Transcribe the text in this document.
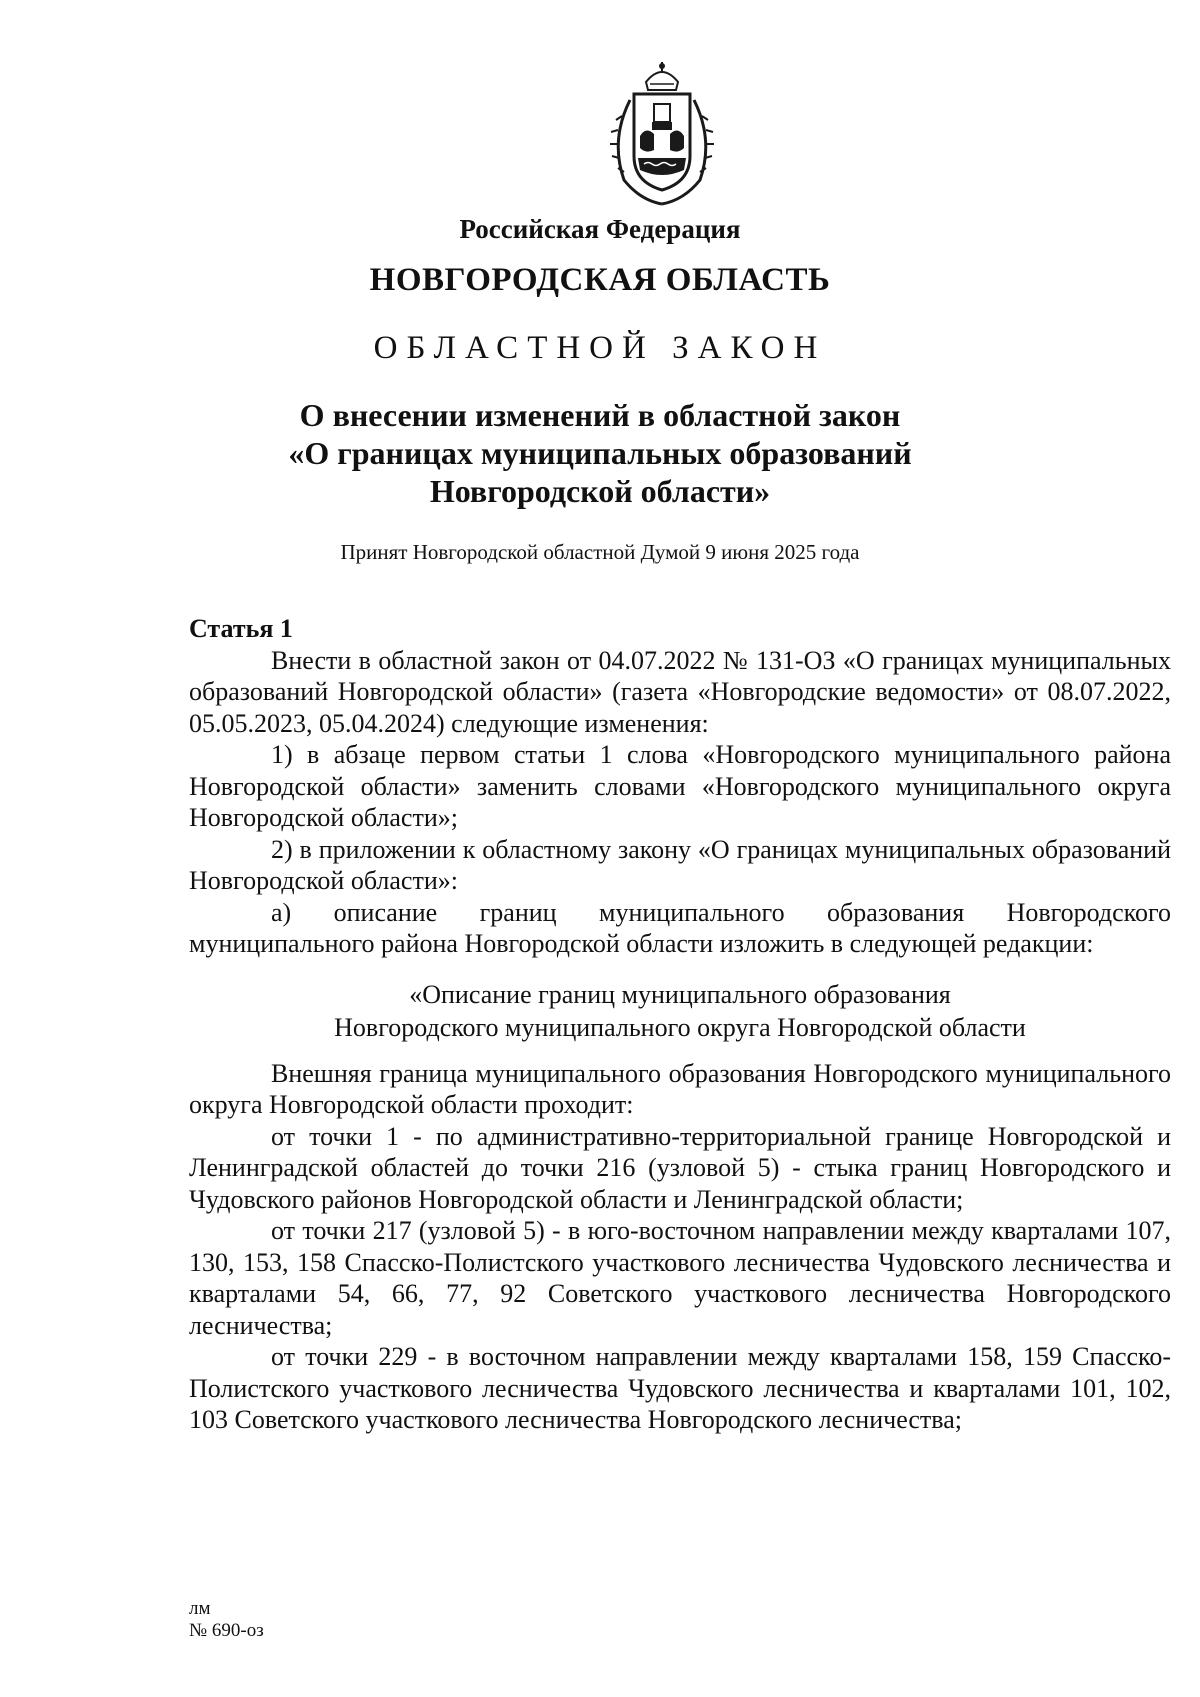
Российская Федерация
НОВГОРОДСКАЯ ОБЛАСТЬ
ОБЛАСТНОЙ ЗАКОН
О внесении изменений в областной закон
«О границах муниципальных образований
Новгородской области»
Принят Новгородской областной Думой 9 июня 2025 года

Статья 1

Внести в областной закон от 04.07.2022 № 131-ОЗ «О границах муниципальных образований Новгородской области» (газета «Новгородские ведомости» от 08.07.2022, 05.05.2023, 05.04.2024) следующие изменения:

1) в абзаце первом статьи 1 слова «Новгородского муниципального района Новгородской области» заменить словами «Новгородского муниципального округа Новгородской области»;

2) в приложении к областному закону «О границах муниципальных образований Новгородской области»:

а) описание границ муниципального образования Новгородского муниципального района Новгородской области изложить в следующей редакции:

«Описание границ муниципального образования
Новгородского муниципального округа Новгородской области

Внешняя граница муниципального образования Новгородского муниципального округа Новгородской области проходит:

от точки 1 - по административно-территориальной границе Новгородской и Ленинградской областей до точки 216 (узловой 5) - стыка границ Новгородского и Чудовского районов Новгородской области и Ленинградской области;

от точки 217 (узловой 5) - в юго-восточном направлении между кварталами 107, 130, 153, 158 Спасско-Полистского участкового лесничества Чудовского лесничества и кварталами 54, 66, 77, 92 Советского участкового лесничества Новгородского лесничества;

от точки 229 - в восточном направлении между кварталами 158, 159 Спасско-Полистского участкового лесничества Чудовского лесничества и кварталами 101, 102, 103 Советского участкового лесничества Новгородского лесничества;

лм
№ 690-оз
